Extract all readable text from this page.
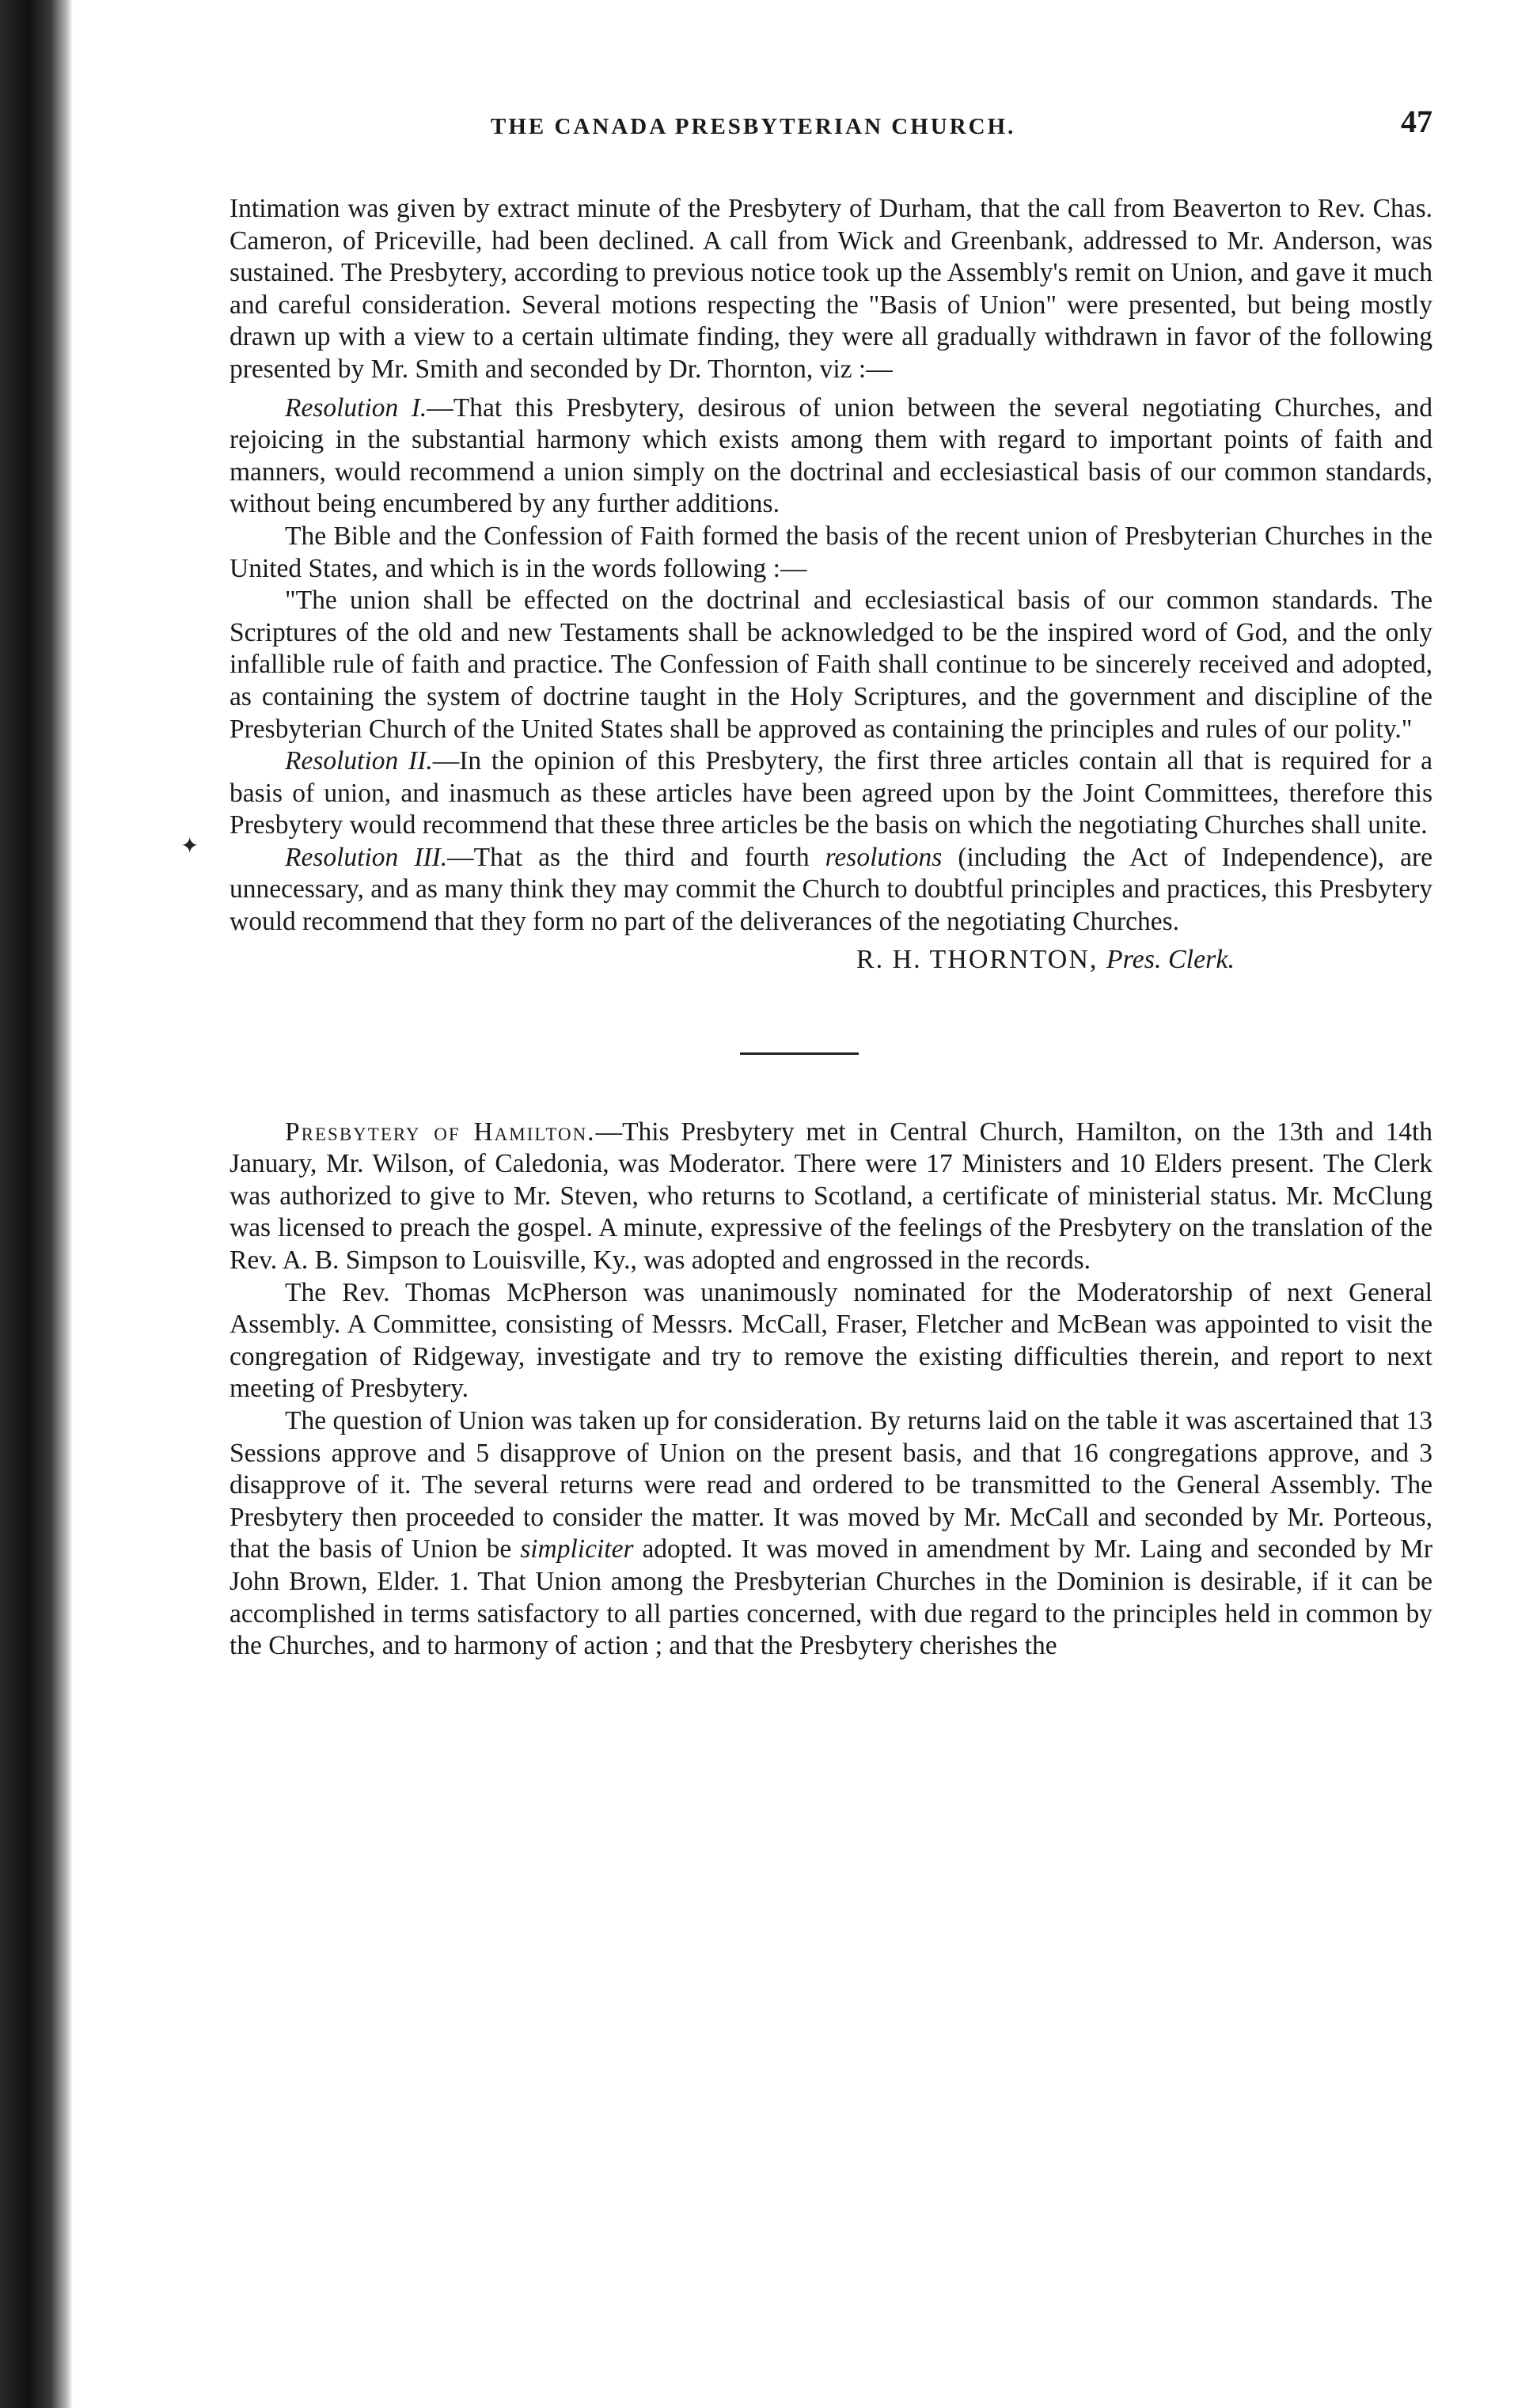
✦
THE CANADA PRESBYTERIAN CHURCH.	47

Intimation was given by extract minute of the Presbytery of Durham, that the call from Beaverton to Rev. Chas. Cameron, of Priceville, had been declined. A call from Wick and Greenbank, addressed to Mr. Anderson, was sustained. The Presbytery, according to previous notice took up the Assembly's remit on Union, and gave it much and careful consideration. Several motions respecting the "Basis of Union" were presented, but being mostly drawn up with a view to a certain ultimate finding, they were all gradually withdrawn in favor of the following presented by Mr. Smith and seconded by Dr. Thornton, viz :—

Resolution I.—That this Presbytery, desirous of union between the several negotiating Churches, and rejoicing in the substantial harmony which exists among them with regard to important points of faith and manners, would recommend a union simply on the doctrinal and ecclesiastical basis of our common standards, without being encumbered by any further additions.

The Bible and the Confession of Faith formed the basis of the recent union of Presbyterian Churches in the United States, and which is in the words following :—

"The union shall be effected on the doctrinal and ecclesiastical basis of our common standards. The Scriptures of the old and new Testaments shall be acknowledged to be the inspired word of God, and the only infallible rule of faith and practice. The Confession of Faith shall continue to be sincerely received and adopted, as containing the system of doctrine taught in the Holy Scriptures, and the government and discipline of the Presbyterian Church of the United States shall be approved as containing the principles and rules of our polity."

Resolution II.—In the opinion of this Presbytery, the first three articles contain all that is required for a basis of union, and inasmuch as these articles have been agreed upon by the Joint Committees, therefore this Presbytery would recommend that these three articles be the basis on which the negotiating Churches shall unite.

Resolution III.—That as the third and fourth resolutions (including the Act of Independence), are unnecessary, and as many think they may commit the Church to doubtful principles and practices, this Presbytery would recommend that they form no part of the deliverances of the negotiating Churches.

R. H. THORNTON, Pres. Clerk.

Presbytery of Hamilton.—This Presbytery met in Central Church, Hamilton, on the 13th and 14th January, Mr. Wilson, of Caledonia, was Moderator. There were 17 Ministers and 10 Elders present. The Clerk was authorized to give to Mr. Steven, who returns to Scotland, a certificate of ministerial status. Mr. McClung was licensed to preach the gospel. A minute, expressive of the feelings of the Presbytery on the translation of the Rev. A. B. Simpson to Louisville, Ky., was adopted and engrossed in the records.

The Rev. Thomas McPherson was unanimously nominated for the Moderatorship of next General Assembly. A Committee, consisting of Messrs. McCall, Fraser, Fletcher and McBean was appointed to visit the congregation of Ridgeway, investigate and try to remove the existing difficulties therein, and report to next meeting of Presbytery.

The question of Union was taken up for consideration. By returns laid on the table it was ascertained that 13 Sessions approve and 5 disapprove of Union on the present basis, and that 16 congregations approve, and 3 disapprove of it. The several returns were read and ordered to be transmitted to the General Assembly. The Presbytery then proceeded to consider the matter. It was moved by Mr. McCall and seconded by Mr. Porteous, that the basis of Union be simpliciter adopted. It was moved in amendment by Mr. Laing and seconded by Mr John Brown, Elder. 1. That Union among the Presbyterian Churches in the Dominion is desirable, if it can be accomplished in terms satisfactory to all parties concerned, with due regard to the principles held in common by the Churches, and to harmony of action ; and that the Presbytery cherishes the
